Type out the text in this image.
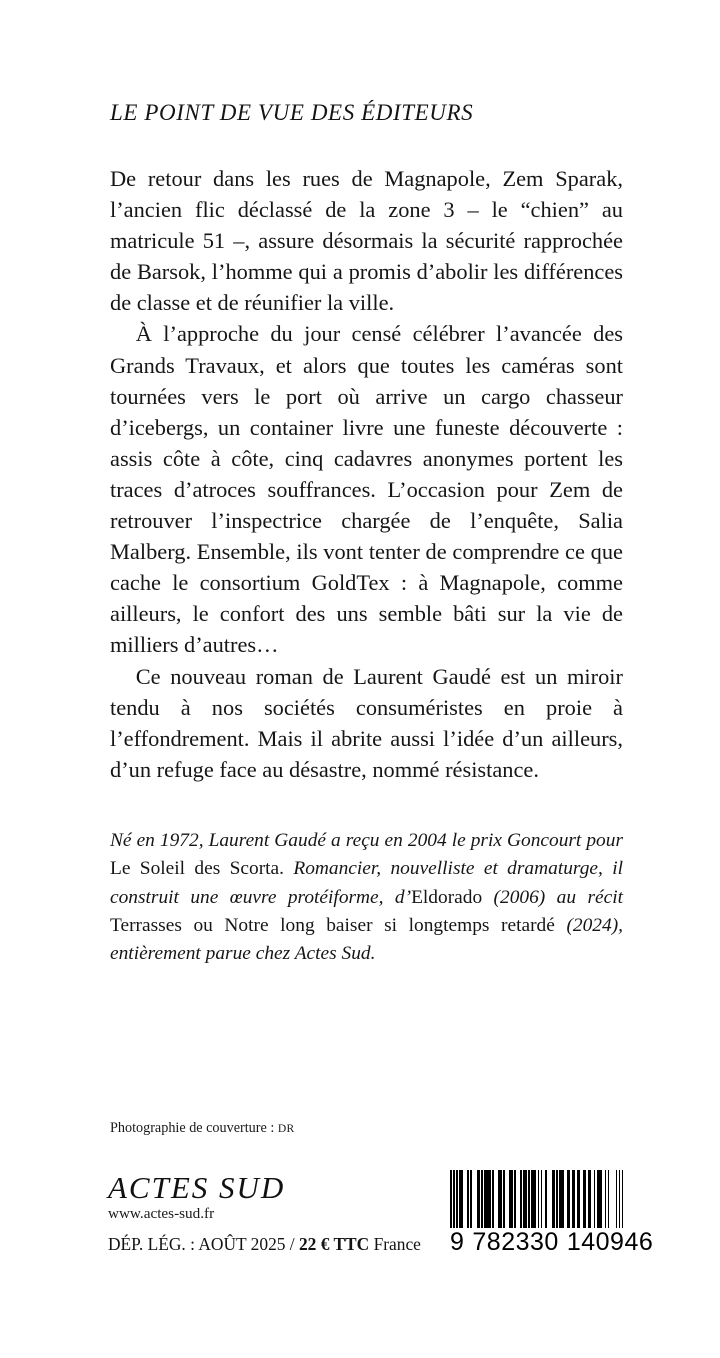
LE POINT DE VUE DES ÉDITEURS

De retour dans les rues de Magnapole, Zem Sparak, l’ancien flic déclassé de la zone 3 – le “chien” au matricule 51 –, assure désormais la sécurité rapprochée de Barsok, l’homme qui a promis d’abolir les différences de classe et de réunifier la ville.

À l’approche du jour censé célébrer l’avancée des Grands Travaux, et alors que toutes les caméras sont tournées vers le port où arrive un cargo chasseur d’icebergs, un container livre une funeste découverte : assis côte à côte, cinq cadavres anonymes portent les traces d’atroces souffrances. L’occasion pour Zem de retrouver l’inspectrice chargée de l’enquête, Salia Malberg. Ensemble, ils vont tenter de comprendre ce que cache le consortium GoldTex : à Magnapole, comme ailleurs, le confort des uns semble bâti sur la vie de milliers d’autres…

Ce nouveau roman de Laurent Gaudé est un miroir tendu à nos sociétés consuméristes en proie à l’effondrement. Mais il abrite aussi l’idée d’un ailleurs, d’un refuge face au désastre, nommé résistance.

Né en 1972, Laurent Gaudé a reçu en 2004 le prix Goncourt pour Le Soleil des Scorta. Romancier, nouvelliste et dramaturge, il construit une œuvre protéiforme, d’Eldorado (2006) au récit Terrasses ou Notre long baiser si longtemps retardé (2024), entièrement parue chez Actes Sud.
Photographie de couverture : DR
ACTES SUD
www.actes-sud.fr
DÉP. LÉG. : AOÛT 2025 / 22 € TTC France 9 782330 140946
